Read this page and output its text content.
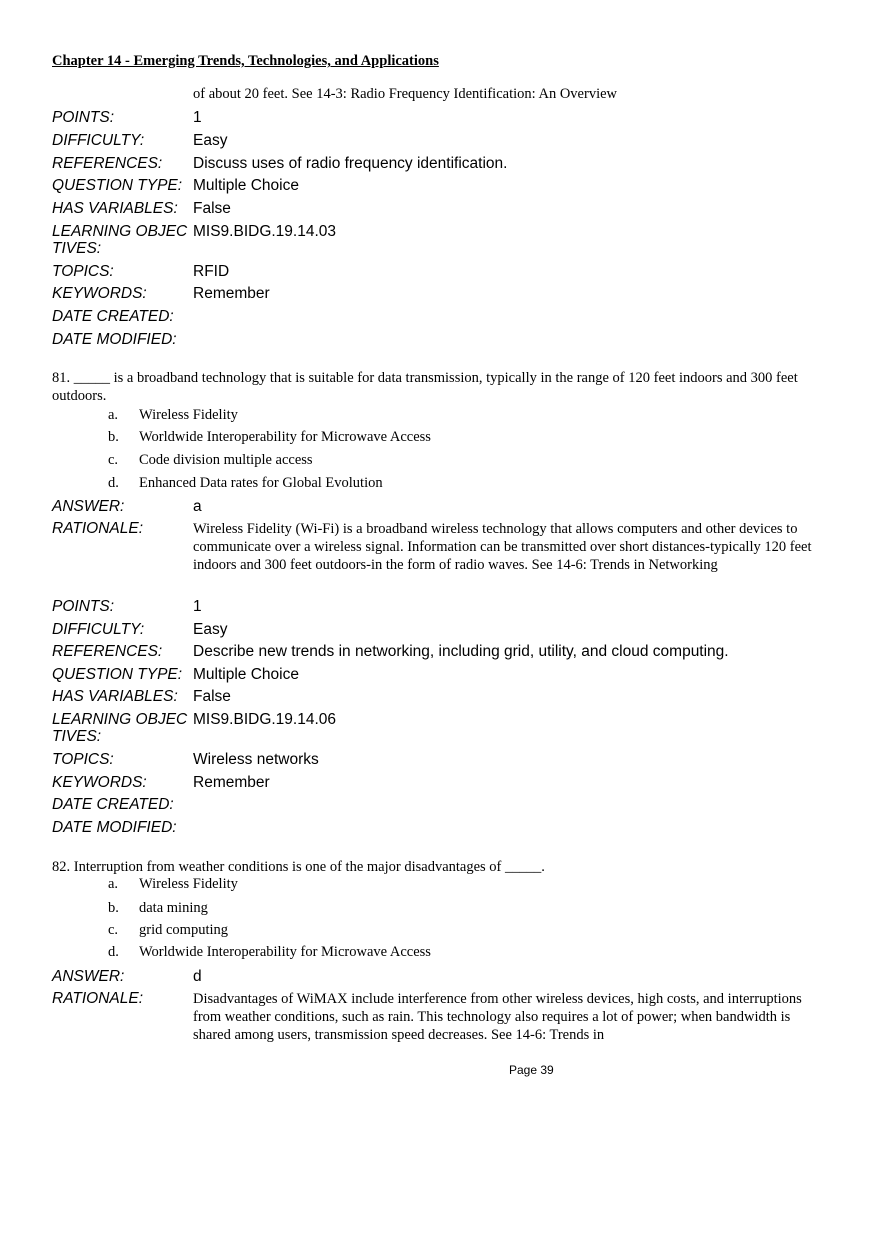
Chapter 14 - Emerging Trends, Technologies, and Applications
of about 20 feet. See 14-3: Radio Frequency Identification: An Overview
POINTS:	1
DIFFICULTY:	Easy
REFERENCES:	Discuss uses of radio frequency identification.
QUESTION TYPE: Multiple Choice
HAS VARIABLES: False
LEARNING OBJEC
TIVES:
MIS9.BIDG.19.14.03
TOPICS:	RFID
KEYWORDS:	Remember
DATE CREATED:
DATE MODIFIED:
81. _____ is a broadband technology that is suitable for data transmission, typically in the range of 120 feet indoors and 300 feet outdoors.
a. Wireless Fidelity
b. Worldwide Interoperability for Microwave Access
c. Code division multiple access
d. Enhanced Data rates for Global Evolution
ANSWER:	a
RATIONALE:	Wireless Fidelity (Wi-Fi) is a broadband wireless technology that allows computers and other devices to communicate over a wireless signal. Information can be transmitted over short distances-typically 120 feet indoors and 300 feet outdoors-in the form of radio waves. See 14-6: Trends in Networking
POINTS:	1
DIFFICULTY:	Easy
REFERENCES:	Describe new trends in networking, including grid, utility, and cloud computing.
QUESTION TYPE: Multiple Choice
HAS VARIABLES: False
LEARNING OBJEC
TIVES:
MIS9.BIDG.19.14.06
TOPICS:	Wireless networks
KEYWORDS:	Remember
DATE CREATED:
DATE MODIFIED:
82. Interruption from weather conditions is one of the major disadvantages of _____.
a. Wireless Fidelity
b. data mining
c. grid computing
d. Worldwide Interoperability for Microwave Access
ANSWER:	d
RATIONALE:	Disadvantages of WiMAX include interference from other wireless devices, high costs, and interruptions from weather conditions, such as rain. This technology also requires a lot of power; when bandwidth is shared among users, transmission speed decreases. See 14-6: Trends in
Page 39
